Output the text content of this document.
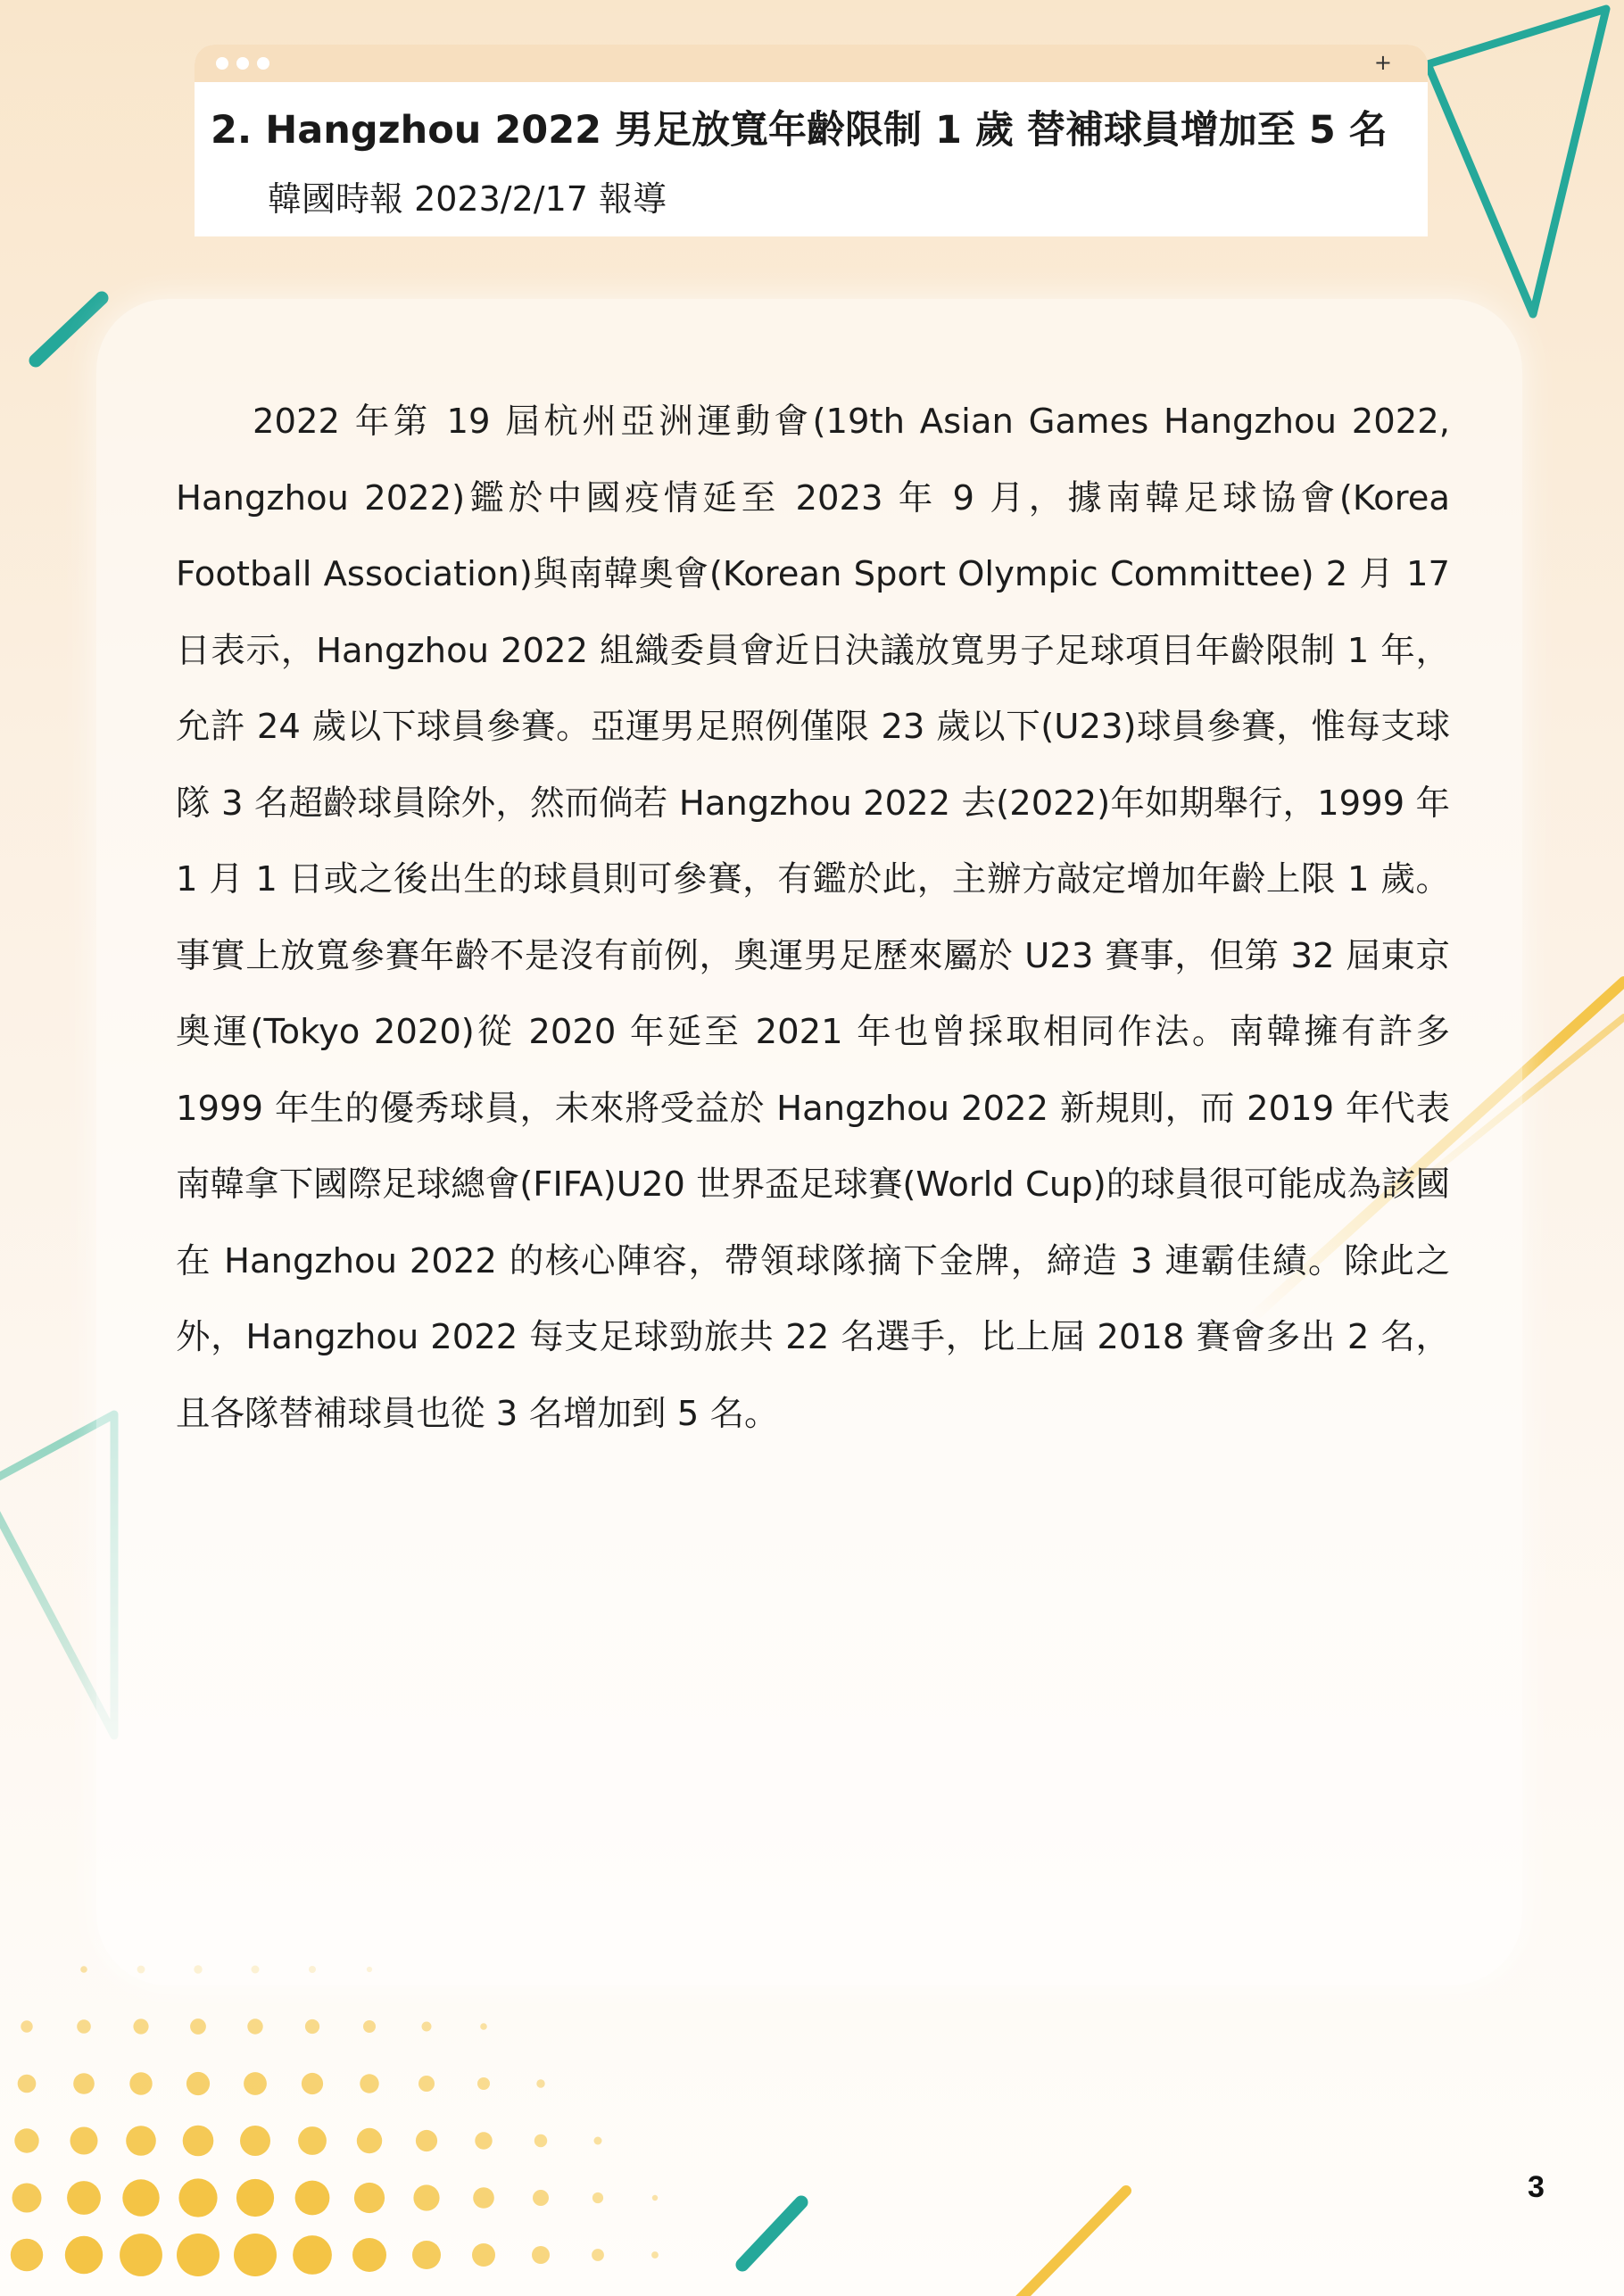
+
2. Hangzhou 2022 男足放寬年齡限制 1 歲 替補球員增加至 5 名
韓國時報 2023/2/17 報導

2022 年第 19 屆杭州亞洲運動會(19th Asian Games Hangzhou 2022, Hangzhou 2022)鑑於中國疫情延至 2023 年 9 月，據南韓足球協會(Korea Football Association)與南韓奧會(Korean Sport Olympic Committee) 2 月 17 日表示，Hangzhou 2022 組織委員會近日決議放寬男子足球項目年齡限制 1 年，允許 24 歲以下球員參賽。亞運男足照例僅限 23 歲以下(U23)球員參賽，惟每支球隊 3 名超齡球員除外，然而倘若 Hangzhou 2022 去(2022)年如期舉行，1999 年 1 月 1 日或之後出生的球員則可參賽，有鑑於此，主辦方敲定增加年齡上限 1 歲。事實上放寬參賽年齡不是沒有前例，奧運男足歷來屬於 U23 賽事，但第 32 屆東京奧運(Tokyo 2020)從 2020 年延至 2021 年也曾採取相同作法。南韓擁有許多 1999 年生的優秀球員，未來將受益於 Hangzhou 2022 新規則，而 2019 年代表南韓拿下國際足球總會(FIFA)U20 世界盃足球賽(World Cup)的球員很可能成為該國在 Hangzhou 2022 的核心陣容，帶領球隊摘下金牌，締造 3 連霸佳績。除此之外，Hangzhou 2022 每支足球勁旅共 22 名選手，比上屆 2018 賽會多出 2 名，且各隊替補球員也從 3 名增加到 5 名。

3
